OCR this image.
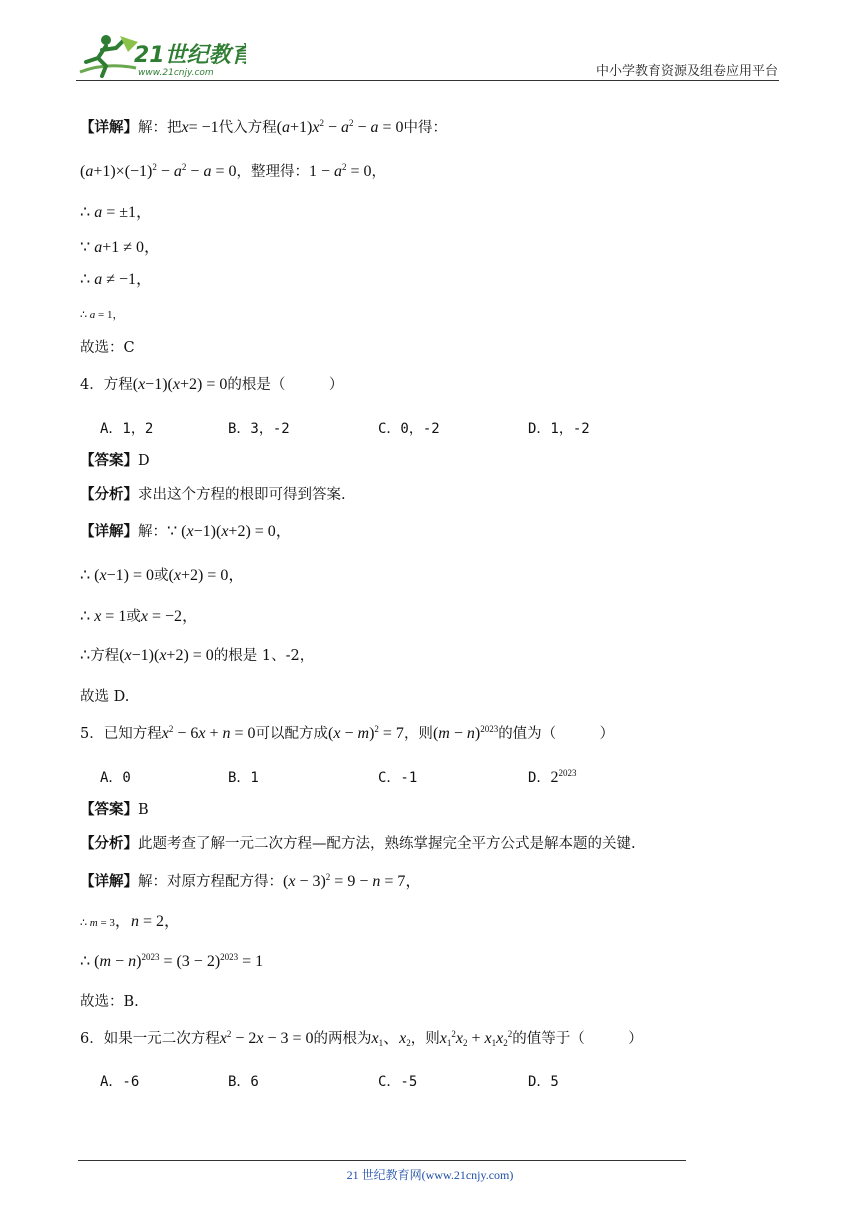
21世纪教育
www.21cnjy.com	中小学教育资源及组卷应用平台
【详解】解：把x= −1代入方程$(a+1)x^2 - a^2 - a = 0$中得：
$(a+1)\times(-1)^2 - a^2 - a = 0$，整理得：$1 - a^2 = 0$，
∴ a = ±1，
∵ a+1 ≠ 0，
∴ a ≠ −1，
∴ a = 1，
故选：C
4．方程(x−1)(x+2) = 0的根是（　　　）
A．1，2	B．3，-2	C．0，-2	D．1，-2
【答案】D
【分析】求出这个方程的根即可得到答案.
【详解】解：∵ (x−1)(x+2) = 0，
∴ (x−1) = 0或(x+2) = 0，
∴ x = 1或x = −2，
∴方程(x−1)(x+2) = 0的根是 1、-2，
故选 D.
5．已知方程$x^2 - 6x + n = 0$可以配方成$(x - m)^2 = 7$，则$(m - n)^{2023}$的值为（　　　）
A．0	B．1	C．-1	D．$2^{2023}$
【答案】B
【分析】此题考查了解一元二次方程—配方法，熟练掌握完全平方公式是解本题的关键.
【详解】解：对原方程配方得：$(x - 3)^2 = 9 - n = 7$，
∴ m = 3，n = 2，
∴ $(m - n)^{2023} = (3 - 2)^{2023} = 1$
故选：B.
6．如果一元二次方程$x^2 - 2x - 3 = 0$的两根为$x_1$、$x_2$，则$x_1^2x_2 + x_1x_2^2$的值等于（　　　）
A．-6	B．6	C．-5	D．5
21 世纪教育网(www.21cnjy.com)
